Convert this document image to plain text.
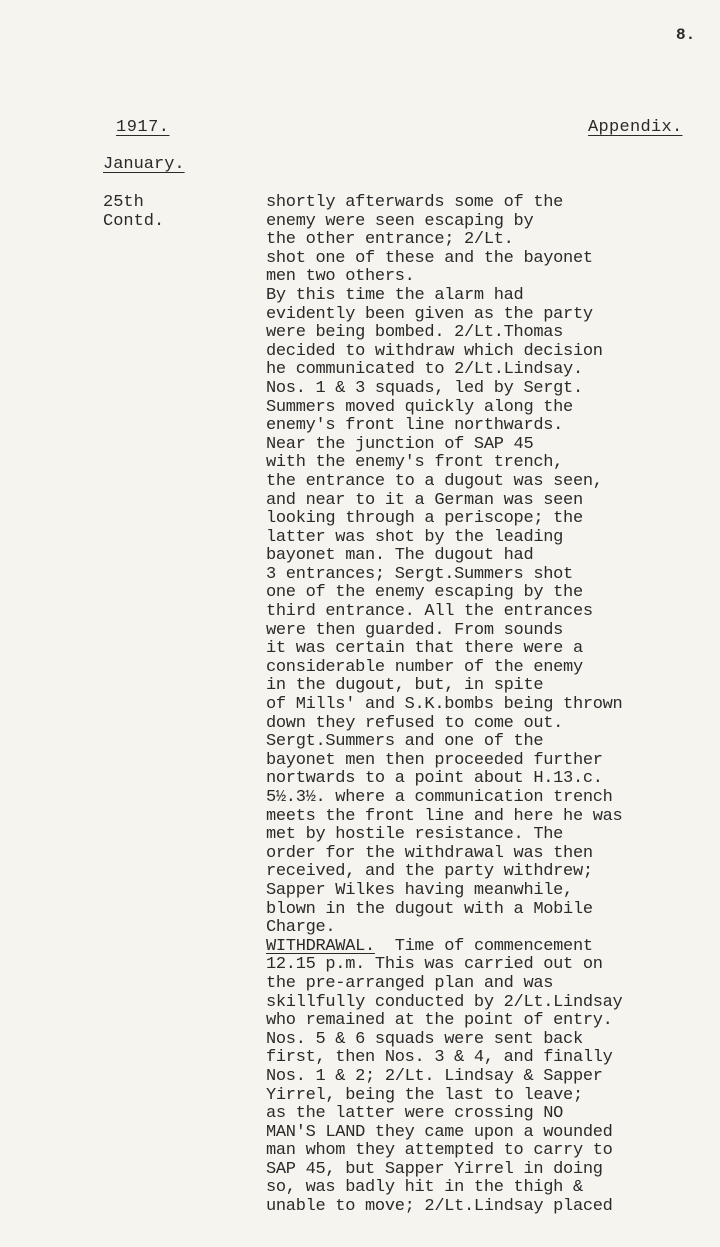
8.
1917.	Appendix.
January.
25th
Contd.
shortly afterwards some of the
enemy were seen escaping by
the other entrance; 2/Lt.
shot one of these and the bayonet
men two others.
By this time the alarm had
evidently been given as the party
were being bombed. 2/Lt.Thomas
decided to withdraw which decision
he communicated to 2/Lt.Lindsay.
Nos. 1 & 3 squads, led by Sergt.
Summers moved quickly along the
enemy's front line northwards.
Near the junction of SAP 45
with the enemy's front trench,
the entrance to a dugout was seen,
and near to it a German was seen
looking through a periscope; the
latter was shot by the leading
bayonet man. The dugout had
3 entrances; Sergt.Summers shot
one of the enemy escaping by the
third entrance. All the entrances
were then guarded. From sounds
it was certain that there were a
considerable number of the enemy
in the dugout, but, in spite
of Mills' and S.K.bombs being thrown
down they refused to come out.
Sergt.Summers and one of the
bayonet men then proceeded further
nortwards to a point about H.13.c.
5½.3½. where a communication trench
meets the front line and here he was
met by hostile resistance. The
order for the withdrawal was then
received, and the party withdrew;
Sapper Wilkes having meanwhile,
blown in the dugout with a Mobile
Charge.
WITHDRAWAL.  Time of commencement
12.15 p.m. This was carried out on
the pre-arranged plan and was
skillfully conducted by 2/Lt.Lindsay
who remained at the point of entry.
Nos. 5 & 6 squads were sent back
first, then Nos. 3 & 4, and finally
Nos. 1 & 2; 2/Lt. Lindsay & Sapper
Yirrel, being the last to leave;
as the latter were crossing NO
MAN'S LAND they came upon a wounded
man whom they attempted to carry to
SAP 45, but Sapper Yirrel in doing
so, was badly hit in the thigh &
unable to move; 2/Lt.Lindsay placed
